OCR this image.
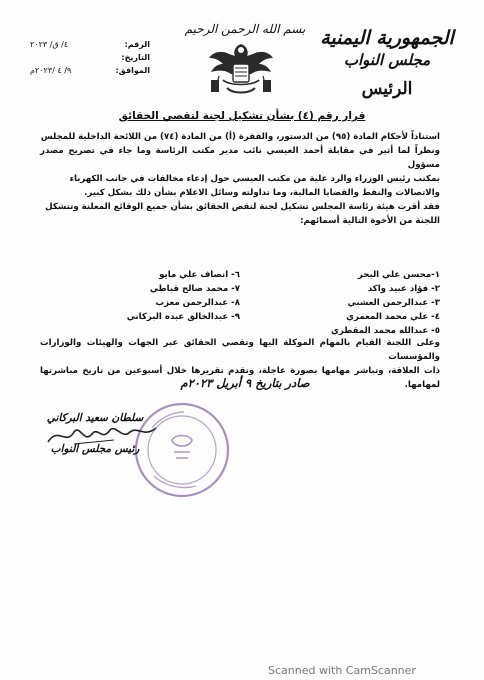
الجمهورية اليمنية
مجلس النواب
الرئيس
بسم الله الرحمن الرحيم
الرقم:
٤/ ق/ ٢٠٢٣
التاريخ:
الموافق:
٩/ ٤ /٢٠٢٣م
قرار رقم (٤) بشأن تشكيل لجنة لتقصي الحقائق

استناداً لأحكام المادة (٩٥) من الدستور، والفقرة (أ) من المادة (٧٤) من اللائحة الداخلية للمجلس

ونظراً لما أثير في مقابلة أحمد العيسي نائب مدير مكتب الرئاسة وما جاء في تصريح مصدر مسؤول

بمكتب رئيس الوزراء والرد علية من مكتب العيسي حول إدعاء مخالفات في جانب الكهرباء

والاتصالات والنفط والقضايا المالية، وما تداولته وسائل الاعلام بشأن ذلك بشكل كبير.

فقد أقرت هيئة رئاسة المجلس تشكيل لجنة لتقص الحقائق بشأن جميع الوقائع المعلنة وتتشكل

اللجنة من الأخوة التالية أسمائهم:

١-محسن علي البحر
٢- فؤاد عبيد واكد
٣- عبدالرحمن العشبي
٤- علي محمد المعمري
٥- عبدالله محمد المقطري
٦- انصاف علي مايو
٧- محمد صالح قباطي
٨- عبدالرحمن معزب
٩- عبدالخالق عبده البركاني
وعلى اللجنة القيام بالمهام الموكلة اليها وتقصي الحقائق عبر الجهات والهيئات والوزارات والمؤسسات
ذات العلاقة، وتباشر مهامها بصورة عاجلة، وتقدم تقريرها خلال أسبوعين من تاريخ مباشرتها لمهامها.
صادر بتاريخ ٩ أبريل ٢٠٢٣م
سلطان سعيد البركاني
رئيس مجلس النواب
Scanned with CamScanner
